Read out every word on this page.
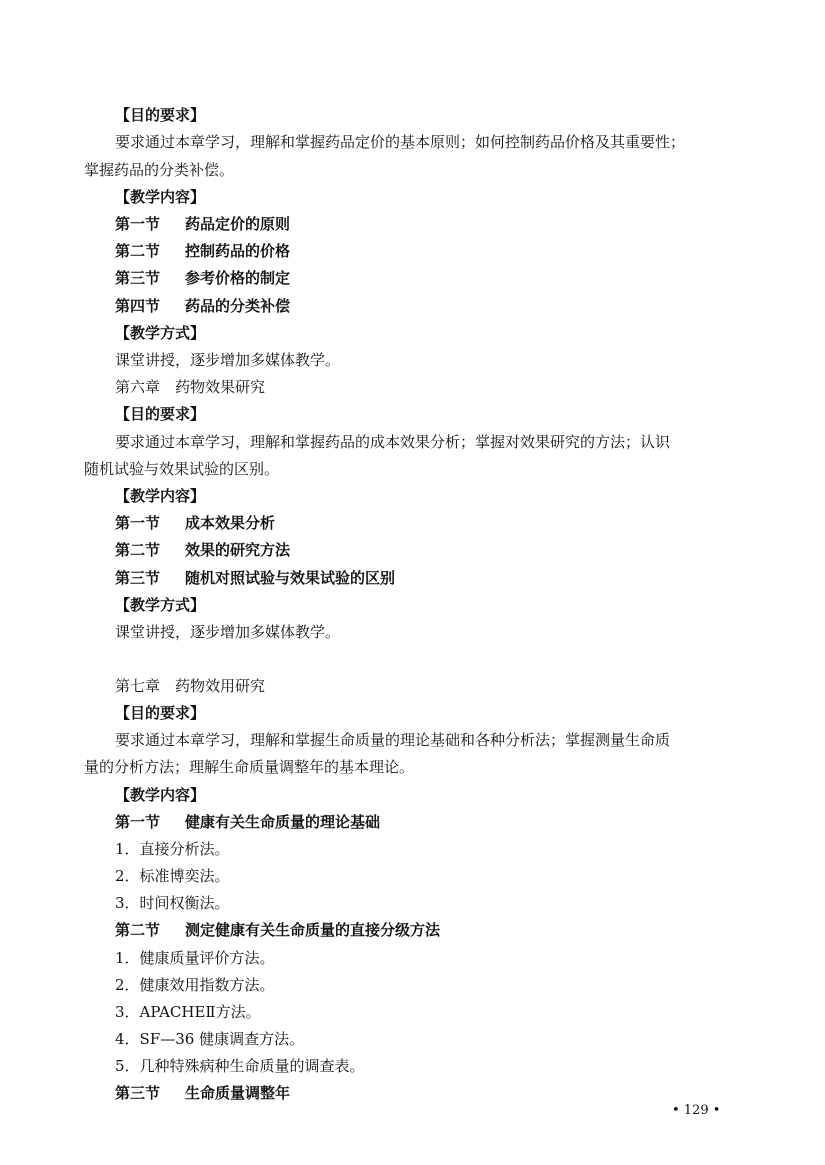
【目的要求】
要求通过本章学习，理解和掌握药品定价的基本原则；如何控制药品价格及其重要性；
掌握药品的分类补偿。
【教学内容】
第一节 药品定价的原则
第二节 控制药品的价格
第三节 参考价格的制定
第四节 药品的分类补偿
【教学方式】
课堂讲授，逐步增加多媒体教学。
第六章　药物效果研究
【目的要求】
要求通过本章学习，理解和掌握药品的成本效果分析；掌握对效果研究的方法；认识
随机试验与效果试验的区别。
【教学内容】
第一节 成本效果分析
第二节 效果的研究方法
第三节 随机对照试验与效果试验的区别
【教学方式】
课堂讲授，逐步增加多媒体教学。
第七章　药物效用研究
【目的要求】
要求通过本章学习，理解和掌握生命质量的理论基础和各种分析法；掌握测量生命质
量的分析方法；理解生命质量调整年的基本理论。
【教学内容】
第一节 健康有关生命质量的理论基础
1．直接分析法。
2．标准博奕法。
3．时间权衡法。
第二节 测定健康有关生命质量的直接分级方法
1．健康质量评价方法。
2．健康效用指数方法。
3．APACHEⅡ方法。
4．SF—36 健康调查方法。
5．几种特殊病种生命质量的调查表。
第三节 生命质量调整年
• 129 •
